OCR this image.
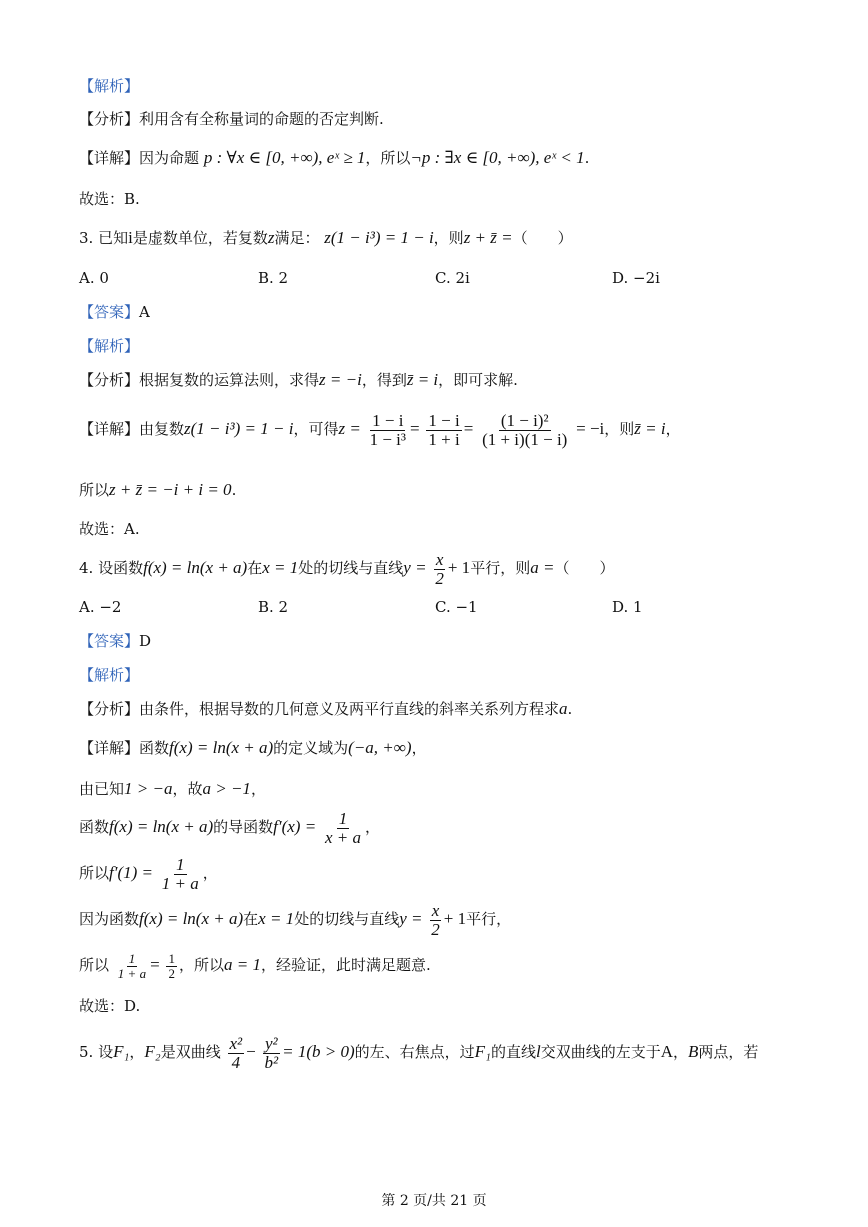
【解析】
【分析】利用含有全称量词的命题的否定判断.
【详解】因为命题 p : ∀x ∈ [0, +∞), eˣ ≥ 1，所以¬p : ∃x ∈ [0, +∞), eˣ < 1.
故选：B.
3. 已知i是虚数单位，若复数z满足： z(1 − i³) = 1 − i，则z + z̄ =（　　）
A. 0	B. 2	C. 2i	D. −2i
【答案】A
【解析】
【分析】根据复数的运算法则，求得z = −i，得到z̄ = i，即可求解.
【详解】由复数z(1 − i³) = 1 − i，可得$z = \frac{1 - i}{\text{1 − i³}} = \frac{1 - i}{1 + i} = \frac{\text{(1 − i)²}}{(1 + i)(1 - i)} = -i$，则z̄ = i，
所以z + z̄ = −i + i = 0.
故选：A.
4. 设函数f(x) = ln(x + a)在x = 1处的切线与直线$y = \frac{x}{2} + 1$平行，则a =（　　）
A. −2	B. 2	C. −1	D. 1
【答案】D
【解析】
【分析】由条件，根据导数的几何意义及两平行直线的斜率关系列方程求a.
【详解】函数f(x) = ln(x + a)的定义域为(−a, +∞)，
由已知1 > −a，故a > −1，
函数f(x) = ln(x + a)的导函数$f'(x) = \frac{1}{x + a}$ ，
所以$f'(1) = \frac{1}{1 + a}$ ，
因为函数f(x) = ln(x + a)在x = 1处的切线与直线$y = \frac{x}{2} + 1$平行，
所以 $\frac{1}{1 + a} = \frac{1}{2}$ ，所以a = 1，经验证，此时满足题意.
故选：D.
5. 设F₁，F₂是双曲线 $\frac{\text{x²}}{4} - \frac{\text{y²}}{\text{b²}} = 1(b > 0)$的左、右焦点，过F₁的直线l交双曲线的左支于A，B两点，若
第 2 页/共 21 页
